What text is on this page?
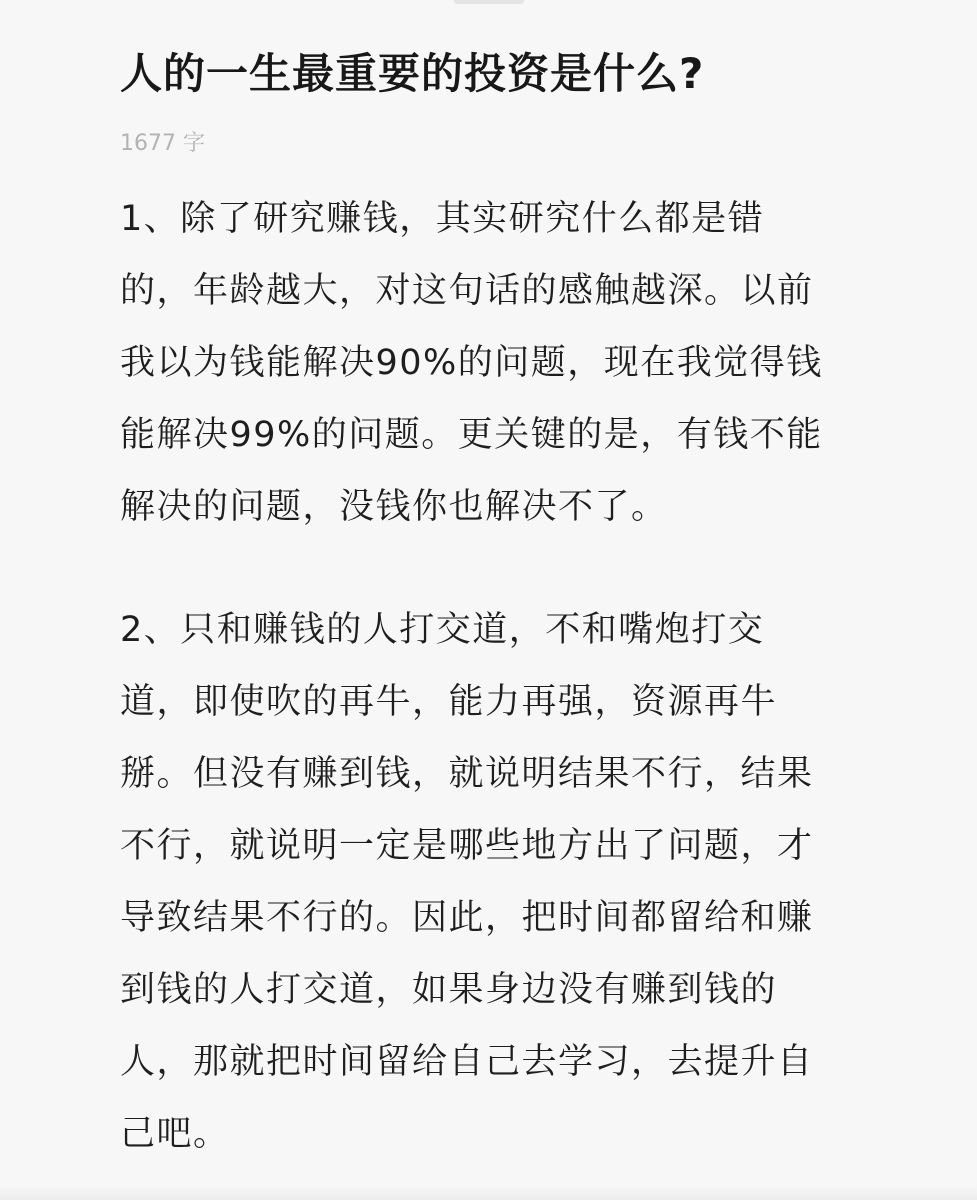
人的一生最重要的投资是什么?
1677 字
1、除了研究赚钱，其实研究什么都是错
的，年龄越大，对这句话的感触越深。以前
我以为钱能解决90%的问题，现在我觉得钱
能解决99%的问题。更关键的是，有钱不能
解决的问题，没钱你也解决不了。
2、只和赚钱的人打交道，不和嘴炮打交
道，即使吹的再牛，能力再强，资源再牛
掰。但没有赚到钱，就说明结果不行，结果
不行，就说明一定是哪些地方出了问题，才
导致结果不行的。因此，把时间都留给和赚
到钱的人打交道，如果身边没有赚到钱的
人，那就把时间留给自己去学习，去提升自
己吧。
